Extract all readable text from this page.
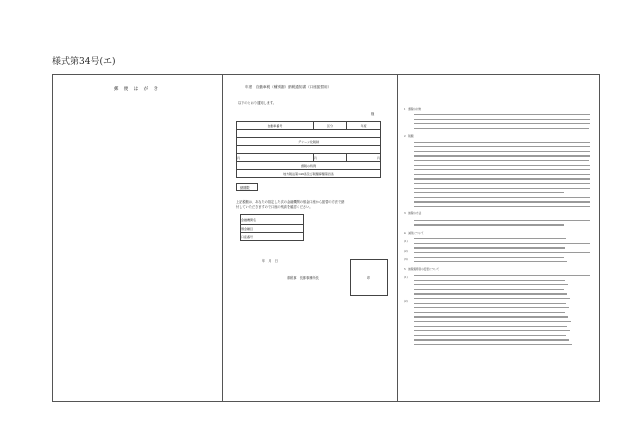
様式第34号(エ)
郵 便 は が き	年度　自動車税（種別割）納税通知書（口座振替用）
以下のとおり通知します。
様
自動車番号	区分	年度

グリーン化税制		

円	円	円
課税の特例		
地方税法第149条及び税額算額第四条		
納期限
上記税額は、あなたの指定した次の金融機関の預金口座から振替の方法で納
付していただきますので口座の残高を確認ください。
金融機関名
預金種目
口座番号
年　月　日
県税事　長都事務所長	印
1　課税の対象
2　税額
3　納税の方法
4　減免について
5　納税義務者の変更について
(1)
(2)
(3)
(1)
(2)
